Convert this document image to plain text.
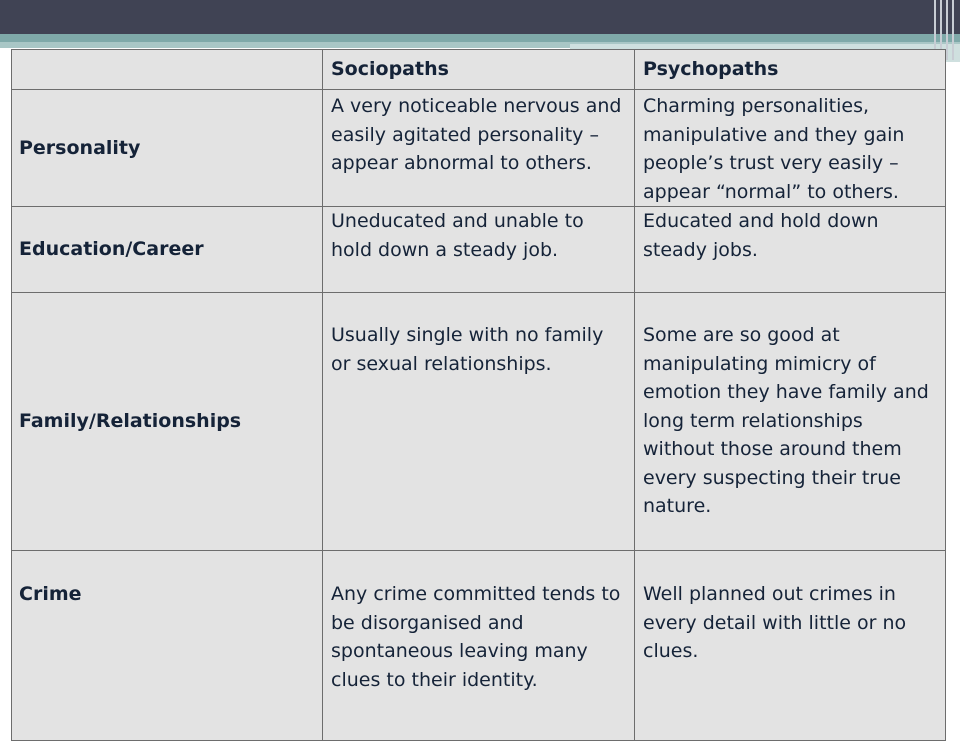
	Sociopaths	Psychopaths

Personality	A very noticeable nervous and easily agitated personality – appear abnormal to others.	Charming personalities, manipulative and they gain people’s trust very easily – appear “normal” to others.

Education/Career	Uneducated and unable to hold down a steady job.	Educated and hold down steady jobs.

Family/Relationships	Usually single with no family or sexual relationships.	Some are so good at manipulating mimicry of emotion they have family and long term relationships without those around them every suspecting their true nature.

Crime	Any crime committed tends to be disorganised and spontaneous leaving many clues to their identity.	Well planned out crimes in every detail with little or no clues.
